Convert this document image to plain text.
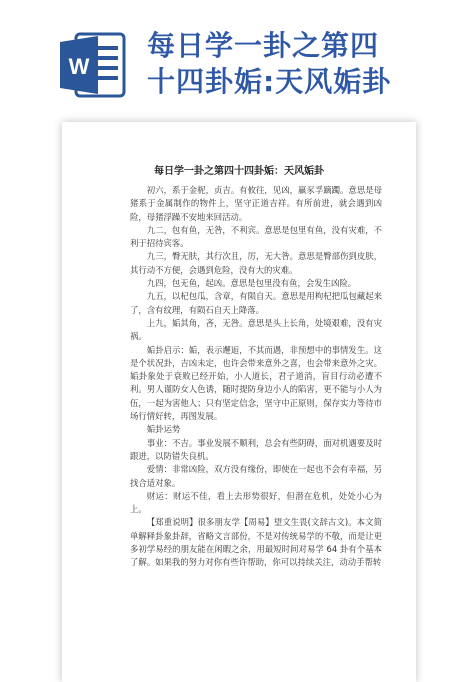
W
每日学一卦之第四
十四卦姤:天风姤卦
每日学一卦之第四十四卦姤：天风姤卦

初六，系于金柅，贞吉。有攸往，见凶，羸豕孚蹢躅。意思是母猪系于金属制作的物件上，坚守正道吉祥。有所前进，就会遇到凶险，母猪浮躁不安地来回活动。

九二，包有鱼，无咎，不利宾。意思是包里有鱼，没有灾难，不利于招待宾客。

九三，臀无肤，其行次且，厉，无大咎。意思是臀部伤到皮肤，其行动不方便，会遇到危险，没有大的灾难。

九四，包无鱼，起凶。意思是包里没有鱼，会发生凶险。

九五，以杞包瓜，含章，有陨自天。意思是用枸杞把瓜包藏起来了，含有纹理，有陨石自天上降落。

上九，姤其角，吝，无咎。意思是头上长角，处境艰难，没有灾祸。

姤卦启示：姤，表示邂逅，不其而遇，非预想中的事情发生。这是个状况卦，吉凶未定，也许会带来意外之喜，也会带来意外之灾。姤卦象处于衰败已经开始，小人道长，君子道消，盲目行动必遭不利。男人谨防女人色诱，随时提防身边小人的陷害，更不能与小人为伍，一起为害他人；只有坚定信念，坚守中正原则，保存实力等待市场行情好转，再图发展。

姤卦运势

事业：不吉。事业发展不顺利，总会有些阴碍，面对机遇要及时跟进，以防错失良机。

爱情：非常凶险，双方没有缘份，即使在一起也不会有幸福，另找合适对象。

财运：财运不佳，看上去形势很好，但潜在危机，处处小心为上。

【郑重说明】很多朋友学【周易】望文生畏(文辞古文)。本文简单解释卦象卦辞，省略文言部份，不是对传统易学的不敬，而是让更多初学易经的朋友能在闲暇之余，用最短时间对易学 64 卦有个基本了解。如果我的努力对你有些许帮助，你可以持续关注，动动手帮转
